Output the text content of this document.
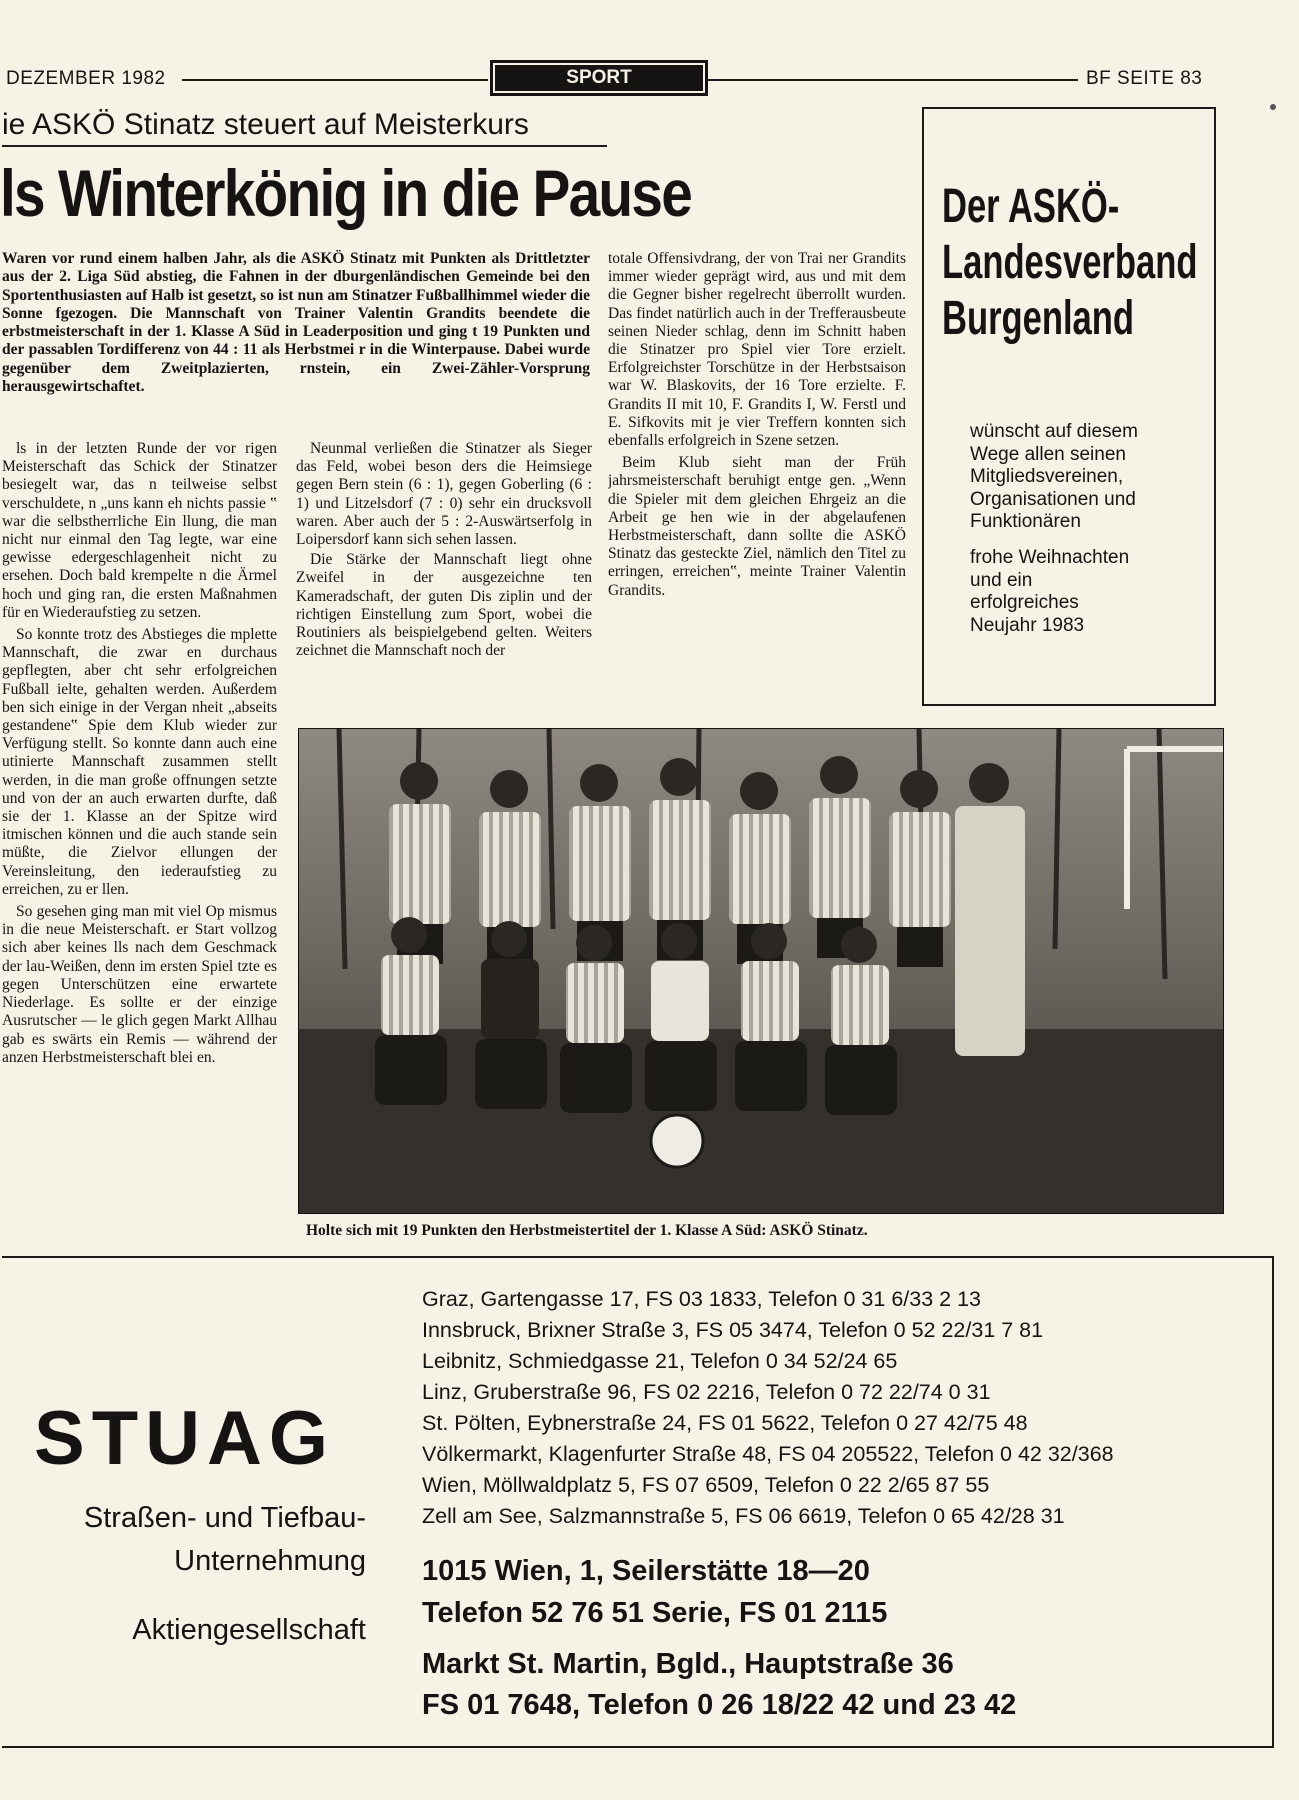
DEZEMBER 1982	SPORT	BF SEITE 83
ie ASKÖ Stinatz steuert auf Meisterkurs
ls Winterkönig in die Pause
Waren vor rund einem halben Jahr, als die ASKÖ Stinatz mit Punkten als Drittletzter aus der 2. Liga Süd abstieg, die Fahnen in der dburgenländischen Gemeinde bei den Sportenthusiasten auf Halb ist gesetzt, so ist nun am Stinatzer Fußballhimmel wieder die Sonne fgezogen. Die Mannschaft von Trainer Valentin Grandits beendete die erbstmeisterschaft in der 1. Klasse A Süd in Leaderposition und ging t 19 Punkten und der passablen Tordifferenz von 44 : 11 als Herbstmei r in die Winterpause. Dabei wurde gegenüber dem Zweitplazierten, rnstein, ein Zwei-Zähler-Vorsprung herausgewirtschaftet.

ls in der letzten Runde der vor rigen Meisterschaft das Schick der Stinatzer besiegelt war, das n teilweise selbst verschuldete, n „uns kann eh nichts passie ‟ war die selbstherrliche Ein llung, die man nicht nur einmal den Tag legte, war eine gewisse edergeschlagenheit nicht zu ersehen. Doch bald krempelte n die Ärmel hoch und ging ran, die ersten Maßnahmen für en Wiederaufstieg zu setzen.

So konnte trotz des Abstieges die mplette Mannschaft, die zwar en durchaus gepflegten, aber cht sehr erfolgreichen Fußball ielte, gehalten werden. Außerdem ben sich einige in der Vergan nheit „abseits gestandene‟ Spie dem Klub wieder zur Verfügung stellt. So konnte dann auch eine utinierte Mannschaft zusammen stellt werden, in die man große offnungen setzte und von der an auch erwarten durfte, daß sie der 1. Klasse an der Spitze wird itmischen können und die auch standе sein müßte, die Zielvor ellungen der Vereinsleitung, den iederaufstieg zu erreichen, zu er llen.

So gesehen ging man mit viel Op mismus in die neue Meisterschaft. er Start vollzog sich aber keines lls nach dem Geschmack der lau-Weißen, denn im ersten Spiel tzte es gegen Unterschützen eine erwartete Niederlage. Es sollte er der einzige Ausrutscher — le glich gegen Markt Allhau gab es swärts ein Remis — während der anzen Herbstmeisterschaft blei en.

Neunmal verließen die Stinatzer als Sieger das Feld, wobei beson ders die Heimsiege gegen Bern stein (6 : 1), gegen Goberling (6 : 1) und Litzelsdorf (7 : 0) sehr ein drucksvoll waren. Aber auch der 5 : 2-Auswärtserfolg in Loipersdorf kann sich sehen lassen.

Die Stärke der Mannschaft liegt ohne Zweifel in der ausgezeichne ten Kameradschaft, der guten Dis ziplin und der richtigen Einstellung zum Sport, wobei die Routiniers als beispielgebend gelten. Weiters zeichnet die Mannschaft noch der

totale Offensivdrang, der von Trai ner Grandits immer wieder geprägt wird, aus und mit dem die Gegner bisher regelrecht überrollt wurden. Das findet natürlich auch in der Trefferausbeute seinen Nieder schlag, denn im Schnitt haben die Stinatzer pro Spiel vier Tore erzielt. Erfolgreichster Torschütze in der Herbstsaison war W. Blaskovits, der 16 Tore erzielte. F. Grandits II mit 10, F. Grandits I, W. Ferstl und E. Sifkovits mit je vier Treffern konnten sich ebenfalls erfolgreich in Szene setzen.

Beim Klub sieht man der Früh jahrsmeisterschaft beruhigt entge gen. „Wenn die Spieler mit dem gleichen Ehrgeiz an die Arbeit ge hen wie in der abgelaufenen Herbstmeisterschaft, dann sollte die ASKÖ Stinatz das gesteckte Ziel, nämlich den Titel zu erringen, erreichen‟, meinte Trainer Valentin Grandits.

Der ASKÖ-
Landesverband
Burgenland
wünscht auf diesem
Wege allen seinen
Mitgliedsvereinen,
Organisationen und
Funktionären
frohe Weihnachten
und ein
erfolgreiches
Neujahr 1983
Holte sich mit 19 Punkten den Herbstmeistertitel der 1. Klasse A Süd: ASKÖ Stinatz.
STUAG
Straßen- und Tiefbau-
Unternehmung
Aktiengesellschaft
Graz, Gartengasse 17, FS 03 1833, Telefon 0 31 6/33 2 13
Innsbruck, Brixner Straße 3, FS 05 3474, Telefon 0 52 22/31 7 81
Leibnitz, Schmiedgasse 21, Telefon 0 34 52/24 65
Linz, Gruberstraße 96, FS 02 2216, Telefon 0 72 22/74 0 31
St. Pölten, Eybnerstraße 24, FS 01 5622, Telefon 0 27 42/75 48
Völkermarkt, Klagenfurter Straße 48, FS 04 205522, Telefon 0 42 32/368
Wien, Möllwaldplatz 5, FS 07 6509, Telefon 0 22 2/65 87 55
Zell am See, Salzmannstraße 5, FS 06 6619, Telefon 0 65 42/28 31
1015 Wien, 1, Seilerstätte 18—20
Telefon 52 76 51 Serie, FS 01 2115
Markt St. Martin, Bgld., Hauptstraße 36
FS 01 7648, Telefon 0 26 18/22 42 und 23 42
